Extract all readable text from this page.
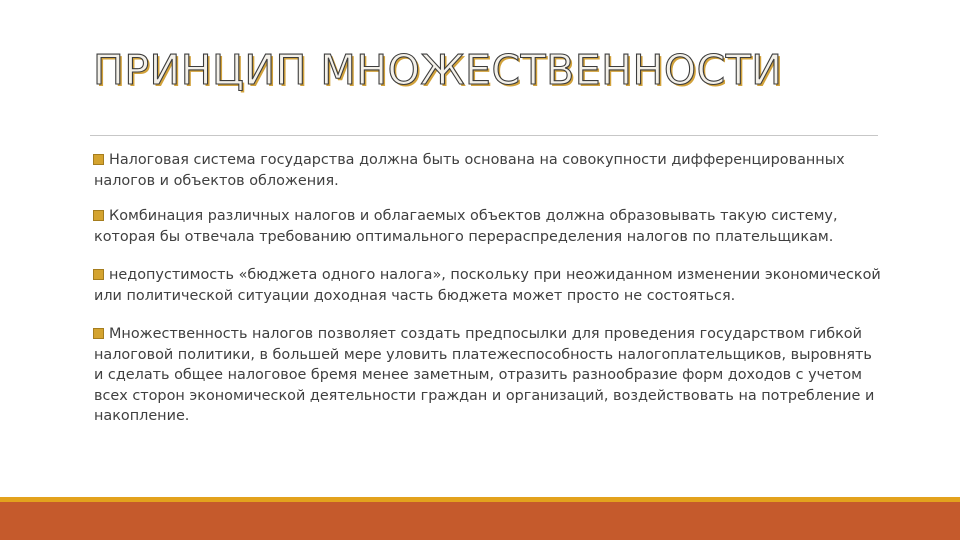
ПРИНЦИП МНОЖЕСТВЕННОСТИ
Налоговая система государства должна быть основана на совокупности дифференцированных налогов и объектов обложения.
Комбинация различных налогов и облагаемых объектов должна образовывать такую систему, которая бы отвечала требованию оптимального перераспределения налогов по плательщикам.
недопустимость «бюджета одного налога», поскольку при неожиданном изменении экономической или политической ситуации доходная часть бюджета может просто не состояться.
Множественность налогов позволяет создать предпосылки для проведения государством гибкой налоговой политики, в большей мере уловить платежеспособность налогоплательщиков, выровнять и сделать общее налоговое бремя менее заметным, отразить разнообразие форм доходов с учетом всех сторон экономической деятельности граждан и организаций, воздействовать на потребление и накопление.
